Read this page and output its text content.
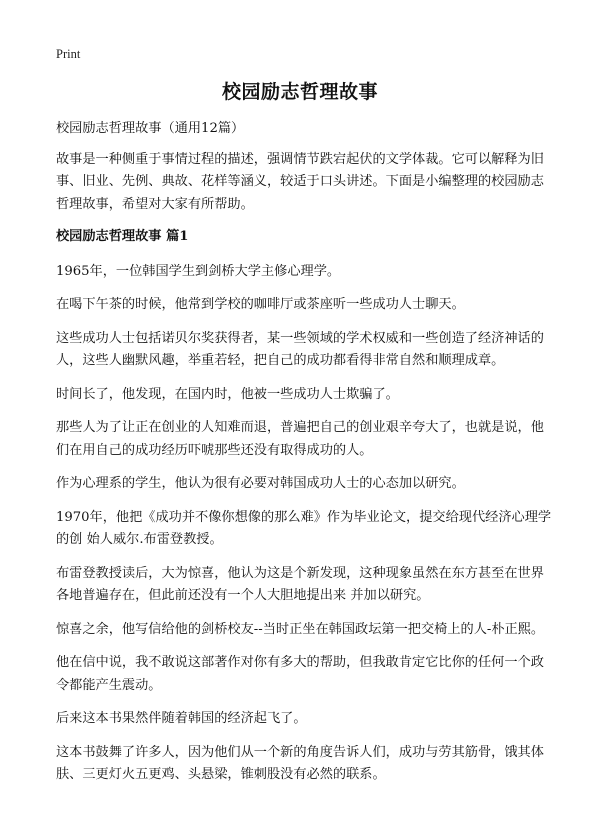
Print
校园励志哲理故事

校园励志哲理故事（通用12篇）

故事是一种侧重于事情过程的描述，强调情节跌宕起伏的文学体裁。它可以解释为旧事、旧业、先例、典故、花样等涵义，较适于口头讲述。下面是小编整理的校园励志哲理故事，希望对大家有所帮助。

校园励志哲理故事 篇1

1965年，一位韩国学生到剑桥大学主修心理学。

在喝下午茶的时候，他常到学校的咖啡厅或茶座听一些成功人士聊天。

这些成功人士包括诺贝尔奖获得者，某一些领域的学术权威和一些创造了经济神话的人，这些人幽默风趣，举重若轻，把自己的成功都看得非常自然和顺理成章。

时间长了，他发现，在国内时，他被一些成功人士欺骗了。

那些人为了让正在创业的人知难而退，普遍把自己的创业艰辛夸大了，也就是说，他们在用自己的成功经历吓唬那些还没有取得成功的人。

作为心理系的学生，他认为很有必要对韩国成功人士的心态加以研究。

1970年，他把《成功并不像你想像的那么难》作为毕业论文，提交给现代经济心理学的创 始人威尔.布雷登教授。

布雷登教授读后，大为惊喜，他认为这是个新发现，这种现象虽然在东方甚至在世界各地普遍存在，但此前还没有一个人大胆地提出来 并加以研究。

惊喜之余，他写信给他的剑桥校友--当时正坐在韩国政坛第一把交椅上的人-朴正熙。

他在信中说，我不敢说这部著作对你有多大的帮助，但我敢肯定它比你的任何一个政令都能产生震动。

后来这本书果然伴随着韩国的经济起飞了。

这本书鼓舞了许多人，因为他们从一个新的角度告诉人们，成功与劳其筋骨，饿其体肤、三更灯火五更鸡、头悬梁，锥刺股没有必然的联系。
